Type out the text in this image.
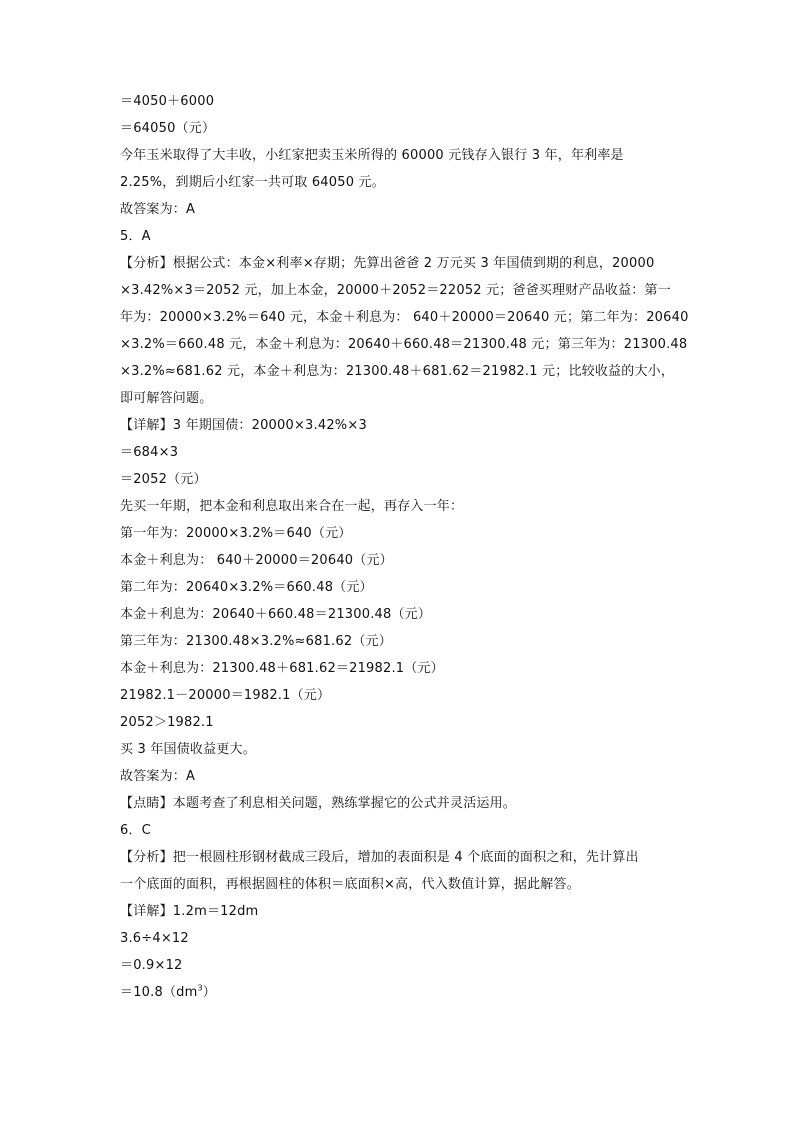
＝4050＋6000
＝64050（元）
今年玉米取得了大丰收，小红家把卖玉米所得的 60000 元钱存入银行 3 年，年利率是
2.25%，到期后小红家一共可取 64050 元。
故答案为：A
5．A
【分析】根据公式：本金×利率×存期；先算出爸爸 2 万元买 3 年国债到期的利息，20000
×3.42%×3＝2052 元，加上本金，20000＋2052＝22052 元；爸爸买理财产品收益：第一
年为：20000×3.2%＝640 元，本金＋利息为： 640＋20000＝20640 元；第二年为：20640
×3.2%＝660.48 元，本金＋利息为：20640＋660.48＝21300.48 元；第三年为：21300.48
×3.2%≈681.62 元，本金＋利息为：21300.48＋681.62＝21982.1 元；比较收益的大小，
即可解答问题。
【详解】3 年期国债：20000×3.42%×3
＝684×3
＝2052（元）
先买一年期，把本金和利息取出来合在一起，再存入一年：
第一年为：20000×3.2%＝640（元）
本金＋利息为： 640＋20000＝20640（元）
第二年为：20640×3.2%＝660.48（元）
本金＋利息为：20640＋660.48＝21300.48（元）
第三年为：21300.48×3.2%≈681.62（元）
本金＋利息为：21300.48＋681.62＝21982.1（元）
21982.1－20000＝1982.1（元）
2052＞1982.1
买 3 年国债收益更大。
故答案为：A
【点睛】本题考查了利息相关问题，熟练掌握它的公式并灵活运用。
6．C
【分析】把一根圆柱形钢材截成三段后，增加的表面积是 4 个底面的面积之和，先计算出
一个底面的面积，再根据圆柱的体积＝底面积×高，代入数值计算，据此解答。
【详解】1.2m＝12dm
3.6÷4×12
＝0.9×12
$=10.8(dm^3)$
